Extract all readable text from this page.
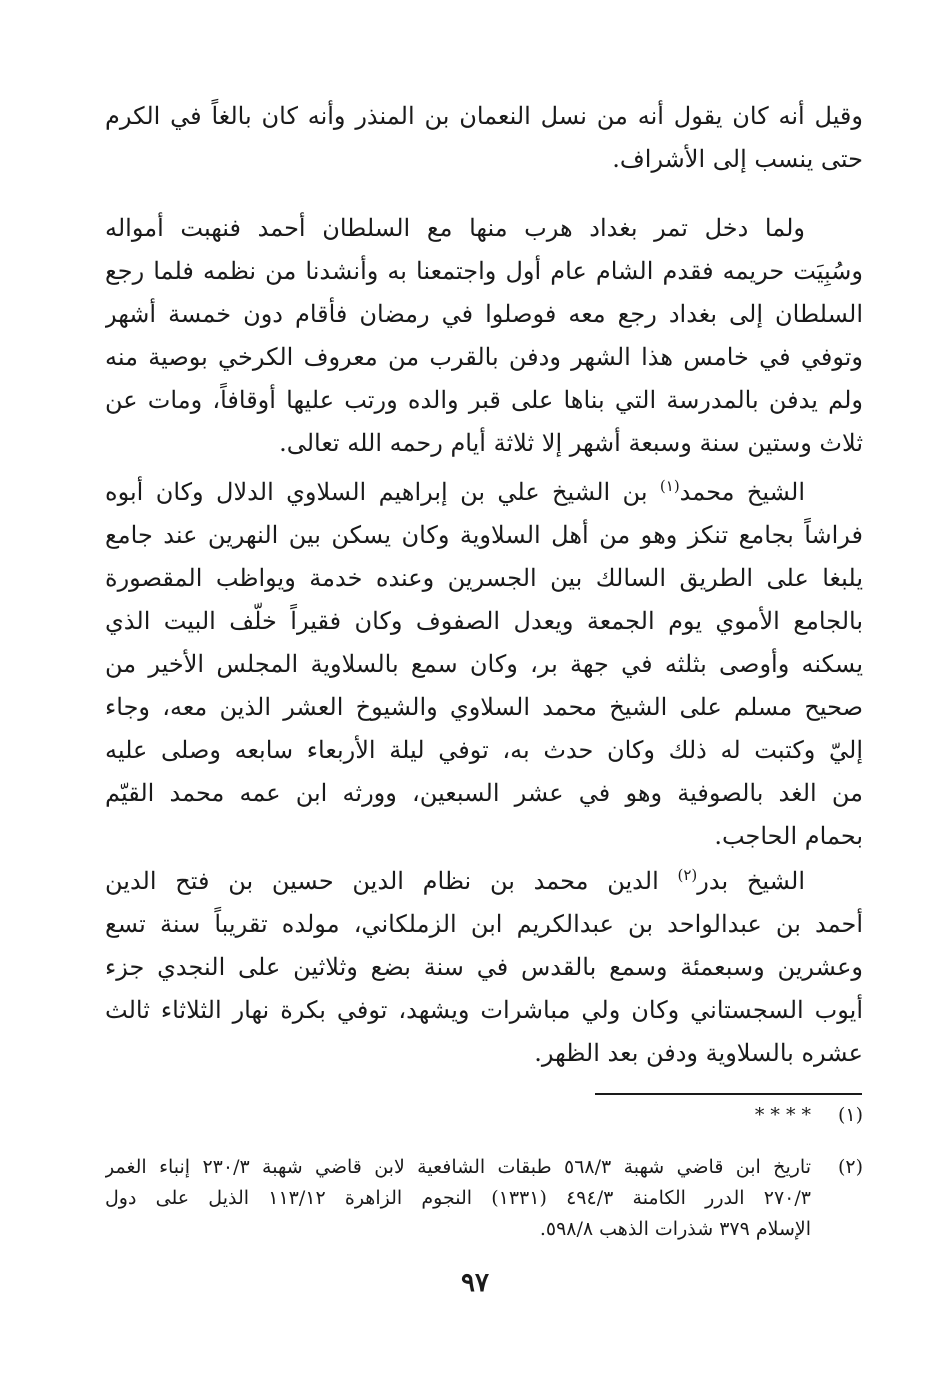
وقيل أنه كان يقول أنه من نسل النعمان بن المنذر وأنه كان بالغاً في الكرم
حتى ينسب إلى الأشراف.
ولما دخل تمر بغداد هرب منها مع السلطان أحمد فنهبت أمواله
وسُبِيَت حريمه فقدم الشام عام أول واجتمعنا به وأنشدنا من نظمه فلما رجع
السلطان إلى بغداد رجع معه فوصلوا في رمضان فأقام دون خمسة أشهر
وتوفي في خامس هذا الشهر ودفن بالقرب من معروف الكرخي بوصية منه
ولم يدفن بالمدرسة التي بناها على قبر والده ورتب عليها أوقافاً، ومات عن
ثلاث وستين سنة وسبعة أشهر إلا ثلاثة أيام رحمه الله تعالى.
الشيخ محمد$^{(١)}$ بن الشيخ علي بن إبراهيم السلاوي الدلال وكان أبوه
فراشاً بجامع تنكز وهو من أهل السلاوية وكان يسكن بين النهرين عند جامع
يلبغا على الطريق السالك بين الجسرين وعنده خدمة ويواظب المقصورة
بالجامع الأموي يوم الجمعة ويعدل الصفوف وكان فقيراً خلّف البيت الذي
يسكنه وأوصى بثلثه في جهة بر، وكان سمع بالسلاوية المجلس الأخير من
صحيح مسلم على الشيخ محمد السلاوي والشيوخ العشر الذين معه، وجاء
إليّ وكتبت له ذلك وكان حدث به، توفي ليلة الأربعاء سابعه وصلى عليه
من الغد بالصوفية وهو في عشر السبعين، وورثه ابن عمه محمد القيّم
بحمام الحاجب.
الشيخ بدر$^{(٢)}$ الدين محمد بن نظام الدين حسين بن فتح الدين
أحمد بن عبدالواحد بن عبدالكريم ابن الزملكاني، مولده تقريباً سنة تسع
وعشرين وسبعمئة وسمع بالقدس في سنة بضع وثلاثين على النجدي جزء
أيوب السجستاني وكان ولي مباشرات ويشهد، توفي بكرة نهار الثلاثاء ثالث
عشره بالسلاوية ودفن بعد الظهر.
(١)
* * * *
(٢)
تاريخ ابن قاضي شهبة ٥٦٨/٣ طبقات الشافعية لابن قاضي شهبة ٢٣٠/٣ إنباء الغمر
٢٧٠/٣ الدرر الكامنة ٤٩٤/٣ (١٣٣١) النجوم الزاهرة ١١٣/١٢ الذيل على دول
الإسلام ٣٧٩ شذرات الذهب ٥٩٨/٨.
٩٧
